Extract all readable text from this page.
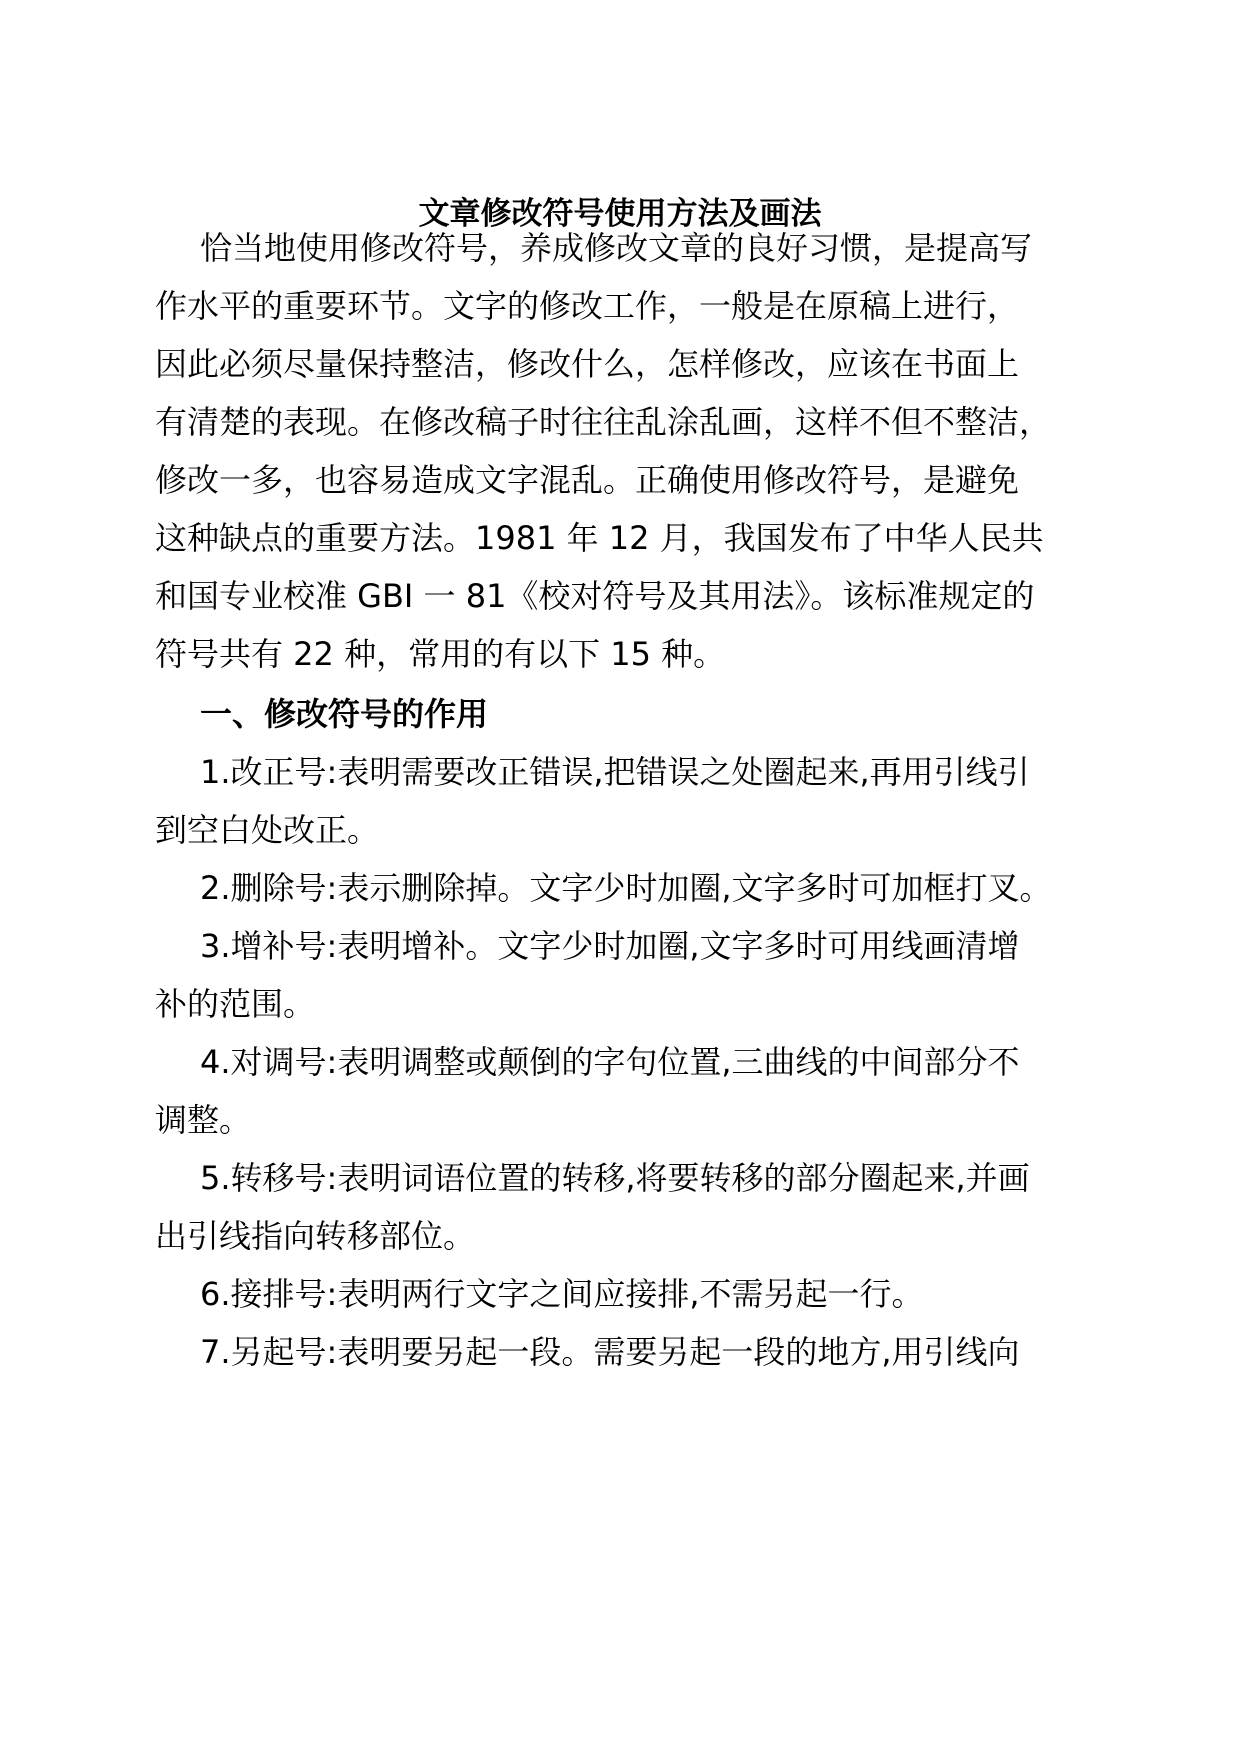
文章修改符号使用方法及画法
恰当地使用修改符号，养成修改文章的良好习惯，是提高写
作水平的重要环节。文字的修改工作，一般是在原稿上进行，
因此必须尽量保持整洁，修改什么，怎样修改，应该在书面上
有清楚的表现。在修改稿子时往往乱涂乱画，这样不但不整洁，
修改一多，也容易造成文字混乱。正确使用修改符号，是避免
这种缺点的重要方法。1981 年 12 月，我国发布了中华人民共
和国专业校准 GBI 一 81《校对符号及其用法》。该标准规定的
符号共有 22 种，常用的有以下 15 种。
一、修改符号的作用
1.改正号:表明需要改正错误,把错误之处圈起来,再用引线引
到空白处改正。
2.删除号:表示删除掉。文字少时加圈,文字多时可加框打叉。
3.增补号:表明增补。文字少时加圈,文字多时可用线画清增
补的范围。
4.对调号:表明调整或颠倒的字句位置,三曲线的中间部分不
调整。
5.转移号:表明词语位置的转移,将要转移的部分圈起来,并画
出引线指向转移部位。
6.接排号:表明两行文字之间应接排,不需另起一行。
7.另起号:表明要另起一段。需要另起一段的地方,用引线向
